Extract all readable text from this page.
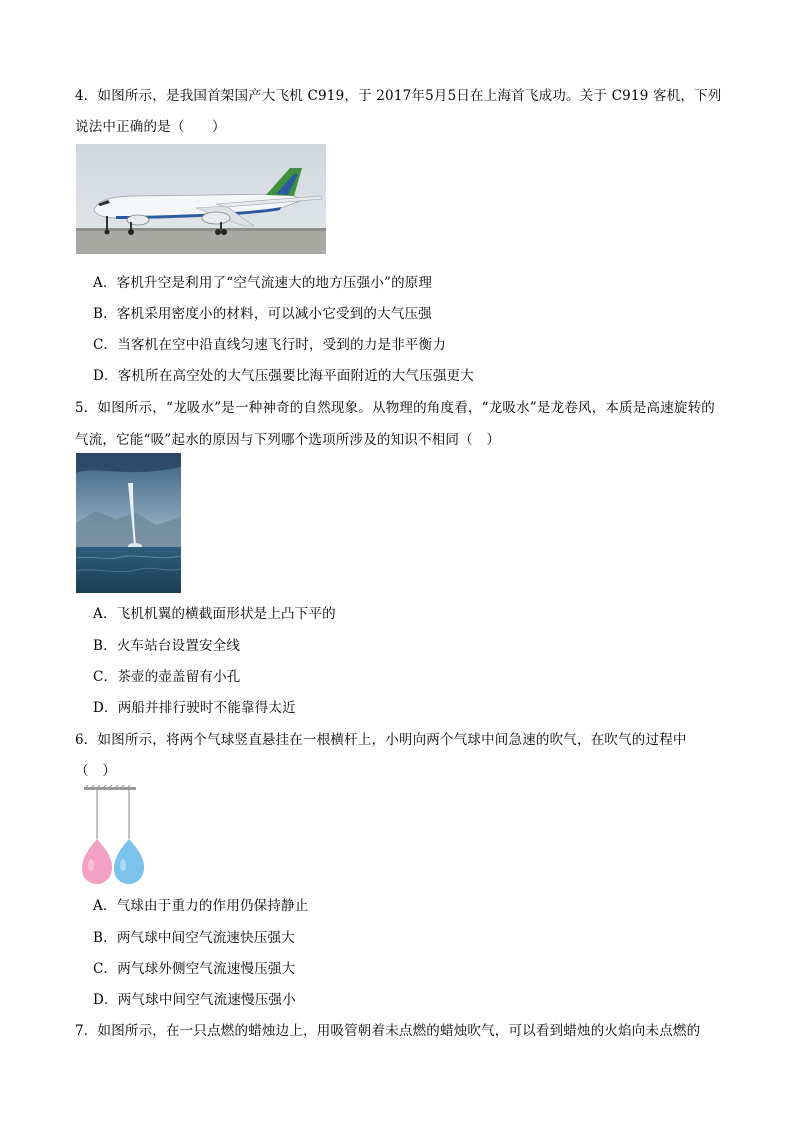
4．如图所示，是我国首架国产大飞机 C919，于 2017年5月5日在上海首飞成功。关于 C919 客机，下列
说法中正确的是（　　）
A．客机升空是利用了“空气流速大的地方压强小”的原理
B．客机采用密度小的材料，可以减小它受到的大气压强
C．当客机在空中沿直线匀速飞行时，受到的力是非平衡力
D．客机所在高空处的大气压强要比海平面附近的大气压强更大
5．如图所示，“龙吸水”是一种神奇的自然现象。从物理的角度看，“龙吸水”是龙卷风，本质是高速旋转的
气流，它能“吸”起水的原因与下列哪个选项所涉及的知识不相同（　）
A．飞机机翼的横截面形状是上凸下平的
B．火车站台设置安全线
C．茶壶的壶盖留有小孔
D．两船并排行驶时不能靠得太近
6．如图所示，将两个气球竖直悬挂在一根横杆上，小明向两个气球中间急速的吹气，在吹气的过程中
（　）
A．气球由于重力的作用仍保持静止
B．两气球中间空气流速快压强大
C．两气球外侧空气流速慢压强大
D．两气球中间空气流速慢压强小
7．如图所示，在一只点燃的蜡烛边上，用吸管朝着未点燃的蜡烛吹气，可以看到蜡烛的火焰向未点燃的
